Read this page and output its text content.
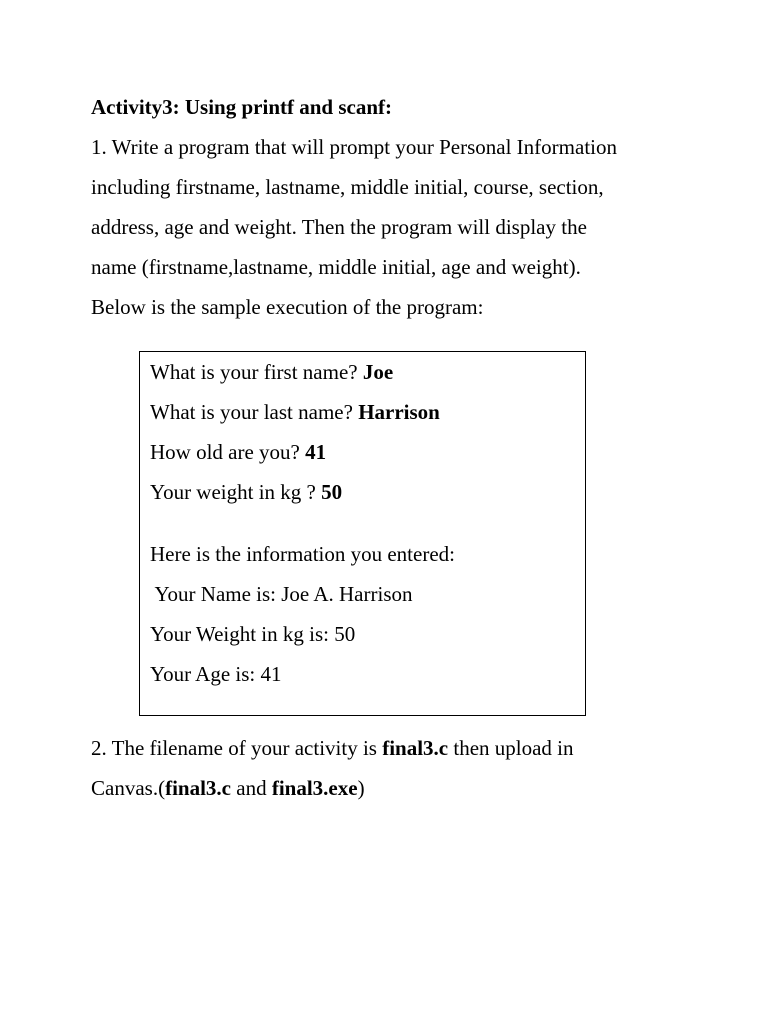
Activity3: Using printf and scanf:
1. Write a program that will prompt your Personal Information
including firstname, lastname, middle initial, course, section,
address, age and weight. Then the program will display the
name (firstname,lastname, middle initial, age and weight).
Below is the sample execution of the program:
What is your first name? Joe
What is your last name? Harrison
How old are you? 41
Your weight in kg ? 50
Here is the information you entered:
Your Name is: Joe A. Harrison
Your Weight in kg is: 50
Your Age is: 41
2. The filename of your activity is final3.c then upload in
Canvas.(final3.c and final3.exe)
